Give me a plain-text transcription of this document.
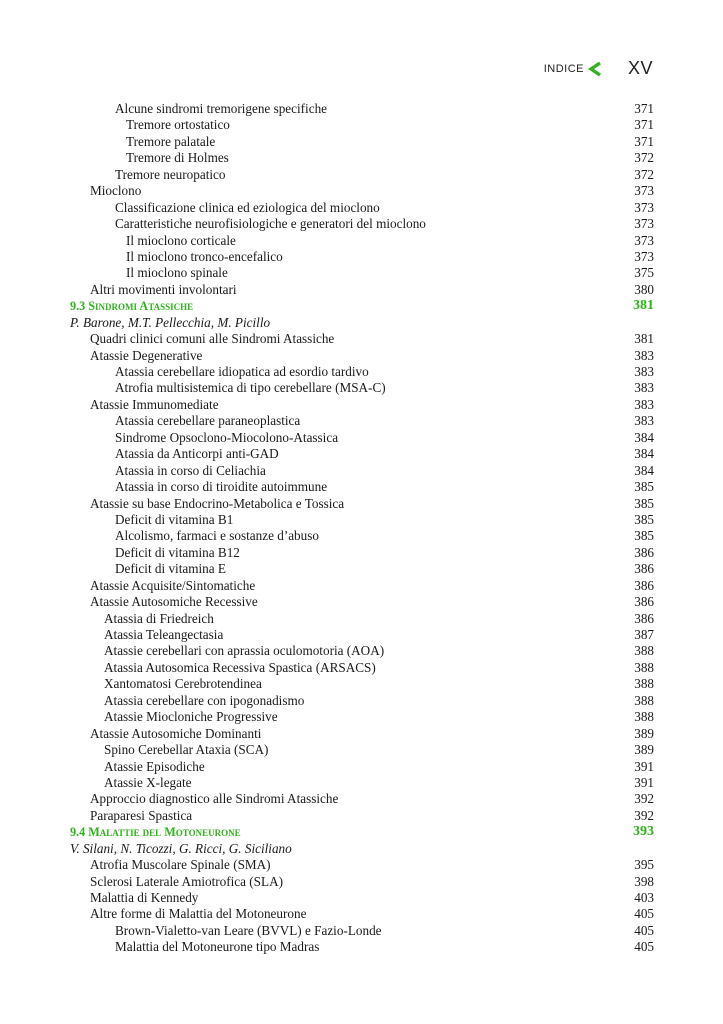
INDICE XV
Alcune sindromi tremorigene specifiche	371
Tremore ortostatico	371
Tremore palatale	371
Tremore di Holmes	372
Tremore neuropatico	372
Mioclono	373
Classificazione clinica ed eziologica del mioclono	373
Caratteristiche neurofisiologiche e generatori del mioclono	373
Il mioclono corticale	373
Il mioclono tronco-encefalico	373
Il mioclono spinale	375
Altri movimenti involontari	380
9.3 Sindromi Atassiche	381
P. Barone, M.T. Pellecchia, M. Picillo
Quadri clinici comuni alle Sindromi Atassiche	381
Atassie Degenerative	383
Atassia cerebellare idiopatica ad esordio tardivo	383
Atrofia multisistemica di tipo cerebellare (MSA-C)	383
Atassie Immunomediate	383
Atassia cerebellare paraneoplastica	383
Sindrome Opsoclono-Miocolono-Atassica	384
Atassia da Anticorpi anti-GAD	384
Atassia in corso di Celiachia	384
Atassia in corso di tiroidite autoimmune	385
Atassie su base Endocrino-Metabolica e Tossica	385
Deficit di vitamina B1	385
Alcolismo, farmaci e sostanze d’abuso	385
Deficit di vitamina B12	386
Deficit di vitamina E	386
Atassie Acquisite/Sintomatiche	386
Atassie Autosomiche Recessive	386
Atassia di Friedreich	386
Atassia Teleangectasia	387
Atassie cerebellari con aprassia oculomotoria (AOA)	388
Atassia Autosomica Recessiva Spastica (ARSACS)	388
Xantomatosi Cerebrotendinea	388
Atassia cerebellare con ipogonadismo	388
Atassie Miocloniche Progressive	388
Atassie Autosomiche Dominanti	389
Spino Cerebellar Ataxia (SCA)	389
Atassie Episodiche	391
Atassie X-legate	391
Approccio diagnostico alle Sindromi Atassiche	392
Paraparesi Spastica	392
9.4 Malattie del Motoneurone	393
V. Silani, N. Ticozzi, G. Ricci, G. Siciliano
Atrofia Muscolare Spinale (SMA)	395
Sclerosi Laterale Amiotrofica (SLA)	398
Malattia di Kennedy	403
Altre forme di Malattia del Motoneurone	405
Brown-Vialetto-van Leare (BVVL) e Fazio-Londe	405
Malattia del Motoneurone tipo Madras	405
